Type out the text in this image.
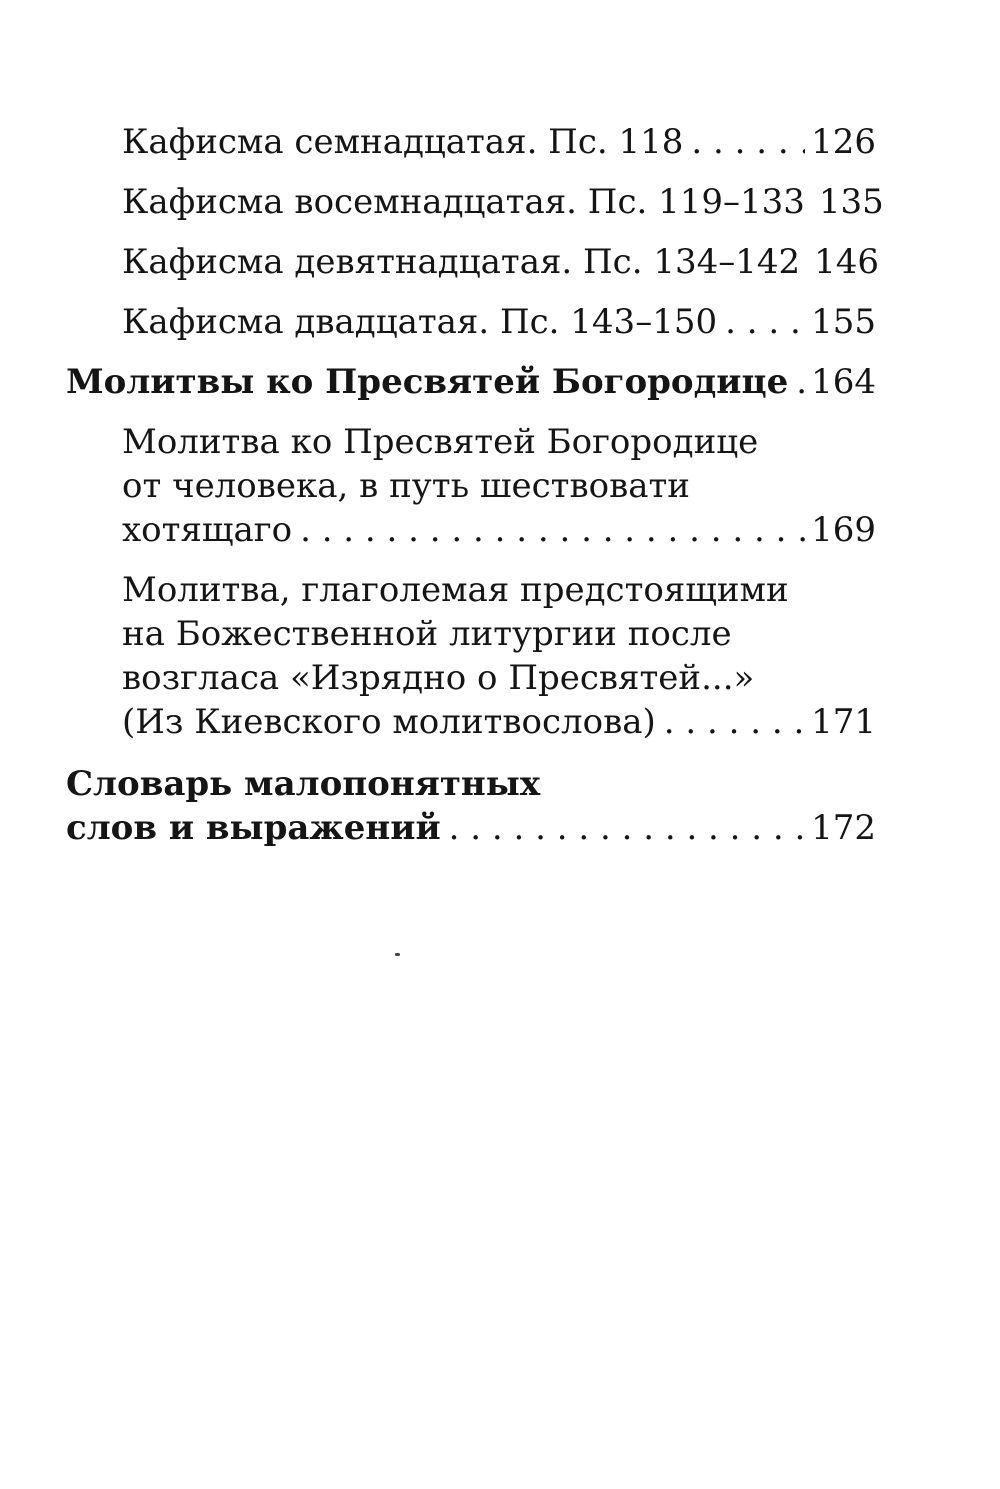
Кафисма семнадцатая. Пс. 118 . . .	126
Кафисма восемнадцатая. Пс. 119–133 135
Кафисма девятнадцатая. Пс. 134–142 146
Кафисма двадцатая. Пс. 143–150 . . .	155
Молитвы ко Пресвятей Богородице . . . 164
Молитва ко Пресвятей Богородице
от человека, в путь шествовати
хотящаго . . .	169
Молитва, глаголемая предстоящими
на Божественной литургии после
возгласа «Изрядно о Пресвятей...»
(Из Киевского молитвослова) . . .	171
Словарь малопонятных
слов и выражений . . .	172
